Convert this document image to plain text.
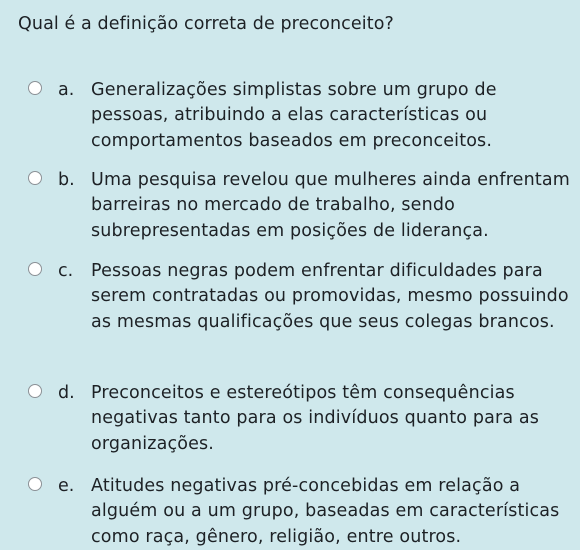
Qual é a definição correta de preconceito?
a. Generalizações simplistas sobre um grupo de pessoas, atribuindo a elas características ou comportamentos baseados em preconceitos.
b. Uma pesquisa revelou que mulheres ainda enfrentam barreiras no mercado de trabalho, sendo subrepresentadas em posições de liderança.
c. Pessoas negras podem enfrentar dificuldades para serem contratadas ou promovidas, mesmo possuindo as mesmas qualificações que seus colegas brancos.
d. Preconceitos e estereótipos têm consequências negativas tanto para os indivíduos quanto para as organizações.
e. Atitudes negativas pré-concebidas em relação a alguém ou a um grupo, baseadas em características como raça, gênero, religião, entre outros.
